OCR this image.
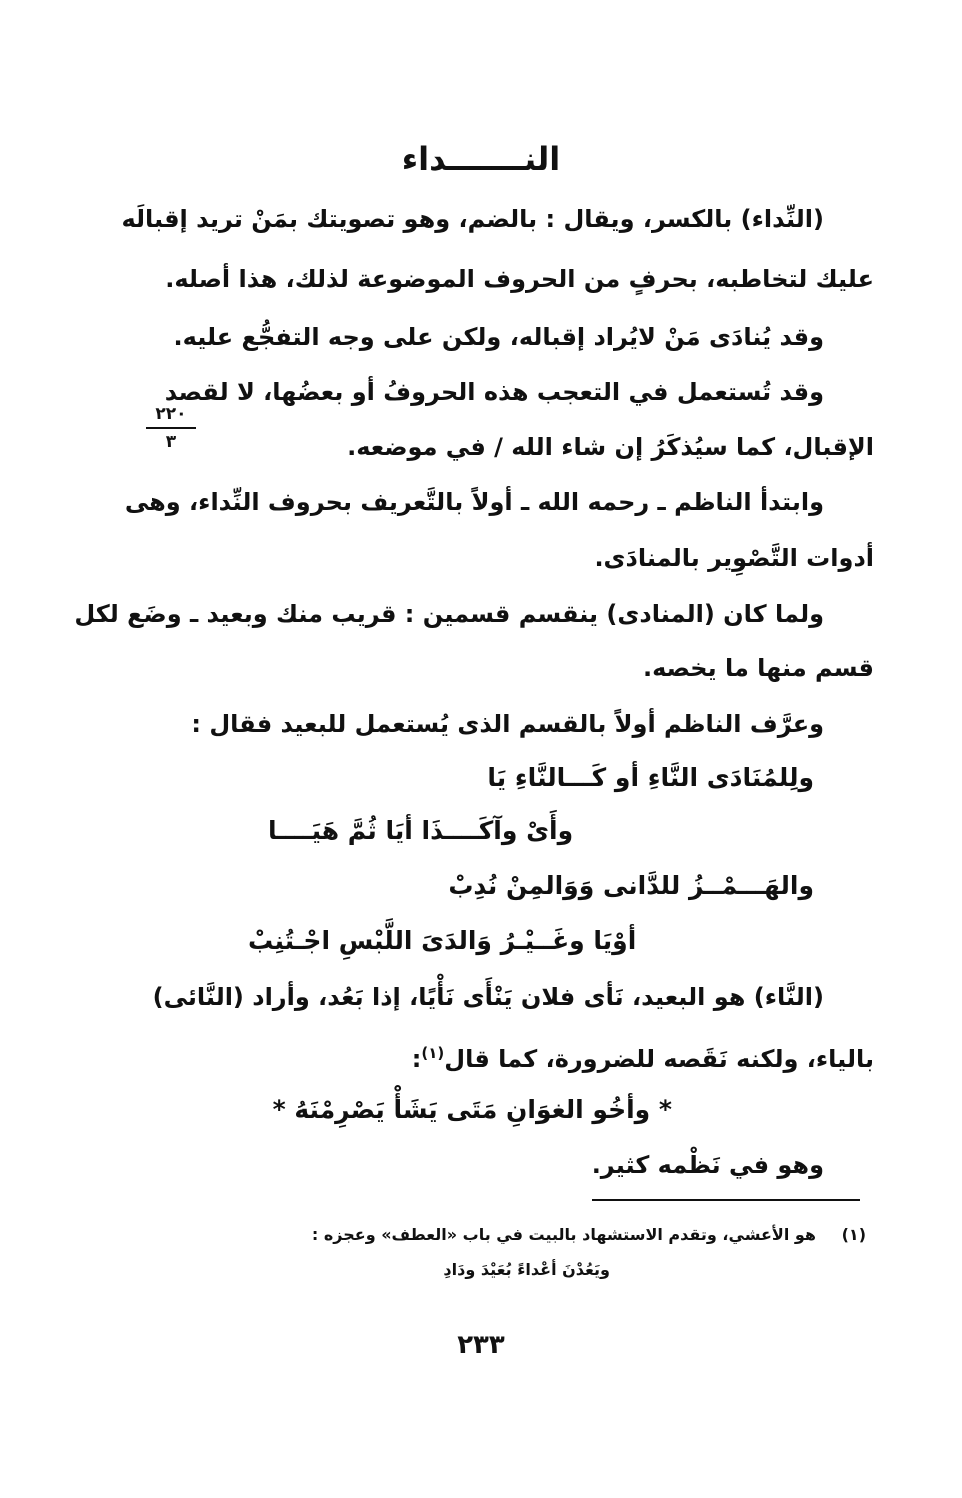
النـــــــداء
(النِّداء) بالكسر، ويقال : بالضم، وهو تصويتك بمَنْ تريد إقبالَه
عليك لتخاطبه، بحرفٍ من الحروف الموضوعة لذلك، هذا أصله.
وقد يُنادَى مَنْ لايُراد إقباله، ولكن على وجه التفجُّع عليه.
وقد تُستعمل في التعجب هذه الحروفُ أو بعضُها، لا لقصد
الإقبال، كما سيُذكَرُ إن شاء الله / في موضعه.
٢٢٠
٣
وابتدأ الناظم ـ رحمه الله ـ أولاً بالتَّعريف بحروف النِّداء، وهى
أدوات التَّصْوِير بالمنادَى.
ولما كان (المنادى) ينقسم قسمين : قريب منك وبعيد ـ وضَع لكل
قسم منها ما يخصه.
وعرَّف الناظم أولاً بالقسم الذى يُستعمل للبعيد فقال :
ولِلمُنَادَى النَّاءِ أو كَـــالنَّاءِ يَا
وأَىْ وآكَــــذَا أيَا ثُمَّ هَيَــــا
والهَـــمْــزُ للدَّانى وَوَالمِنْ نُدِبْ
أوْيَا وغَــيْـرُ وَالدَىَ اللَّبْسِ اجْـتُنِبْ
(النَّاء) هو البعيد، نَأى فلان يَنْأَى نَأْيًا، إذا بَعُد، وأراد (النَّائى)
بالياء، ولكنه نَقَصه للضرورة، كما قال$^{(١)}$:
* وأخُو الغوَانِ مَتَى يَشَأْ يَصْرِمْنَهُ *
وهو في نَظْمه كثير.
(١)
هو الأعشي، وتقدم الاستشهاد بالبيت في باب «العطف» وعجزه :
ويَعُدْنَ أعْداءً بُعَيْدَ ودَادِ
٢٣٣
